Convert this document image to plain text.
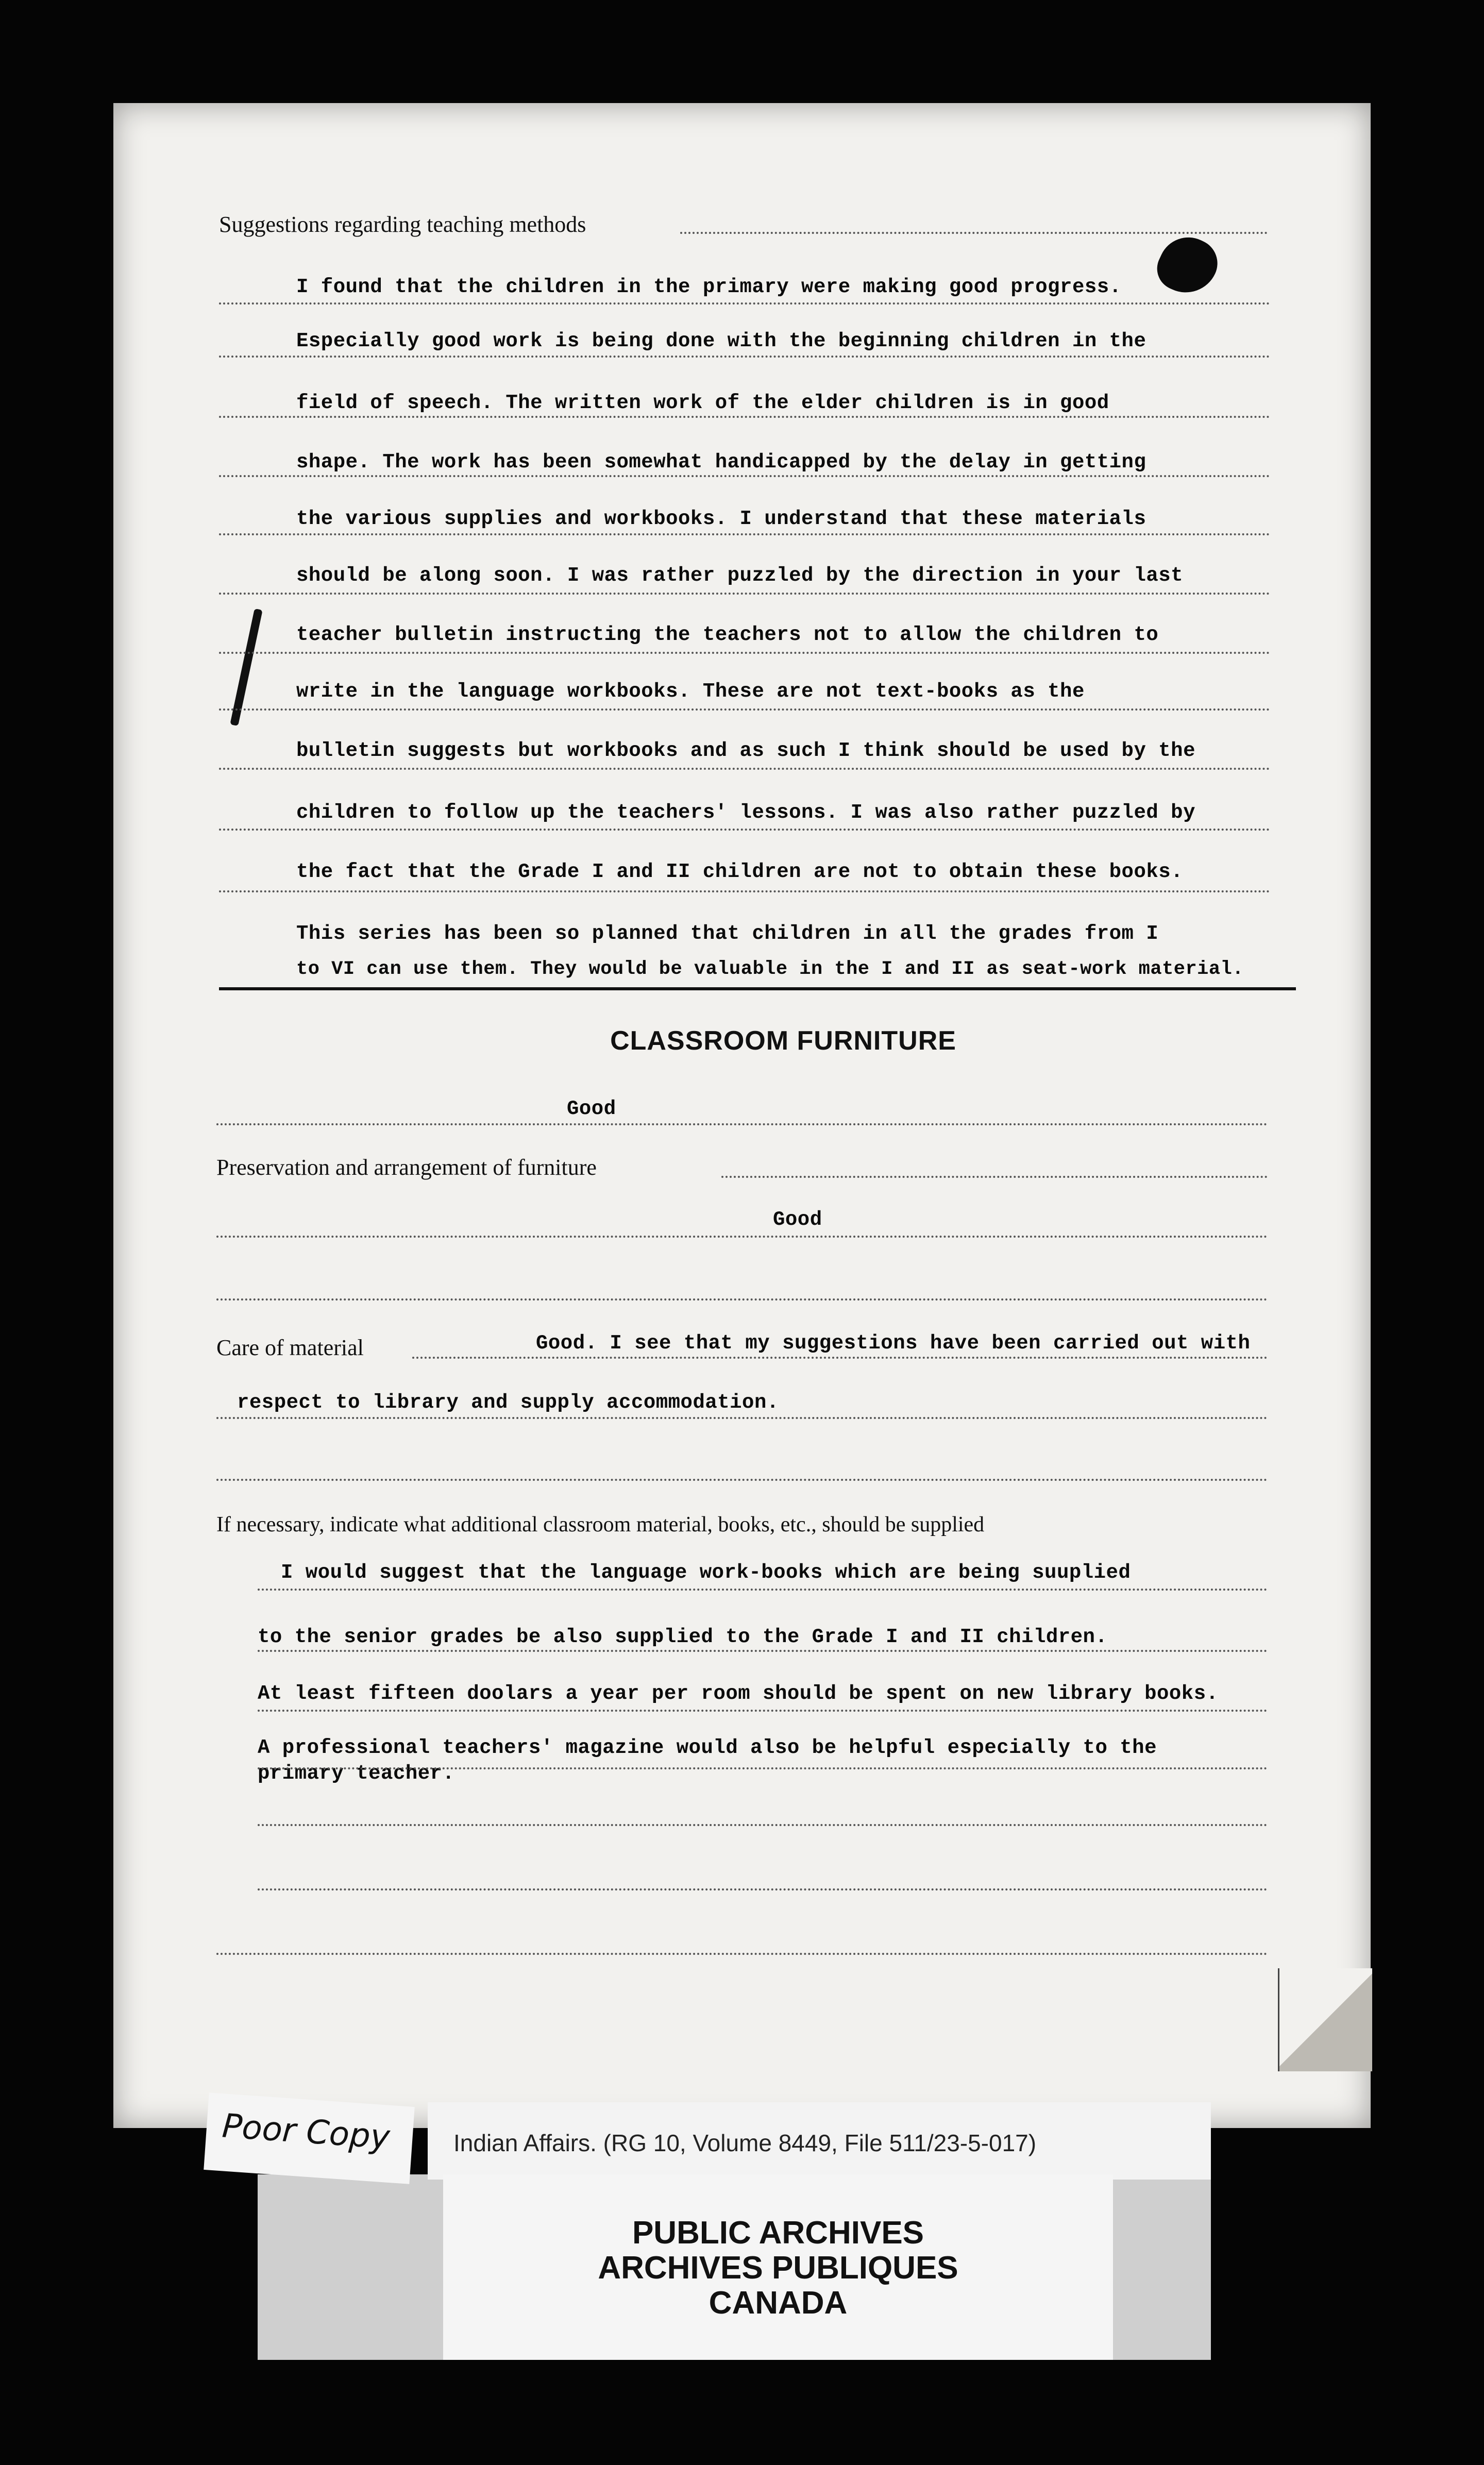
Suggestions regarding teaching methods
I found that the children in the primary were making good progress.
Especially good work is being done with the beginning children in the
field of speech. The written work of the elder children is in good
shape. The work has been somewhat handicapped by the delay in getting
the various supplies and workbooks. I understand that these materials
should be along soon. I was rather puzzled by the direction in your last
teacher bulletin instructing the teachers not to allow the children to
write in the language workbooks. These are not text-books as the
bulletin suggests but workbooks and as such I think should be used by the
children to follow up the teachers' lessons. I was also rather puzzled by
the fact that the Grade I and II children are not to obtain these books.
This series has been so planned that children in all the grades from I
to VI can use them. They would be valuable in the I and II as seat-work material.
CLASSROOM FURNITURE
Good
Preservation and arrangement of furniture
Good
Care of material	Good. I see that my suggestions have been carried out with
respect to library and supply accommodation.
If necessary, indicate what additional classroom material, books, etc., should be supplied
I would suggest that the language work-books which are being suuplied
to the senior grades be also supplied to the Grade I and II children.
At least fifteen doolars a year per room should be spent on new library books.
A professional teachers' magazine would also be helpful especially to the
primary teacher.
Poor Copy	Indian Affairs. (RG 10, Volume 8449, File 511/23-5-017)
PUBLIC ARCHIVES
ARCHIVES PUBLIQUES
CANADA
